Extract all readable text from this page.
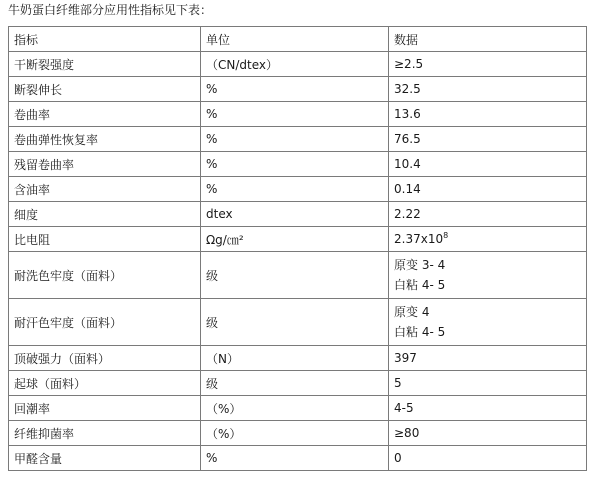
牛奶蛋白纤维部分应用性指标见下表：
指标	单位	数据
干断裂强度	（CN/dtex）	≥2.5
断裂伸长	%	32.5
卷曲率	%	13.6
卷曲弹性恢复率	%	76.5
残留卷曲率	%	10.4
含油率	%	0.14
细度	dtex	2.22
比电阻	Ωg/㎝²	$2.37x10^8$
耐洗色牢度（面料）	级	原变 3- 4
白粘 4- 5

耐汗色牢度（面料）	级	原变 4
白粘 4- 5

顶破强力（面料）	（N）	397
起球（面料）	级	5
回潮率	（%）	4-5
纤维抑菌率	（%）	≥80
甲醛含量	%	0
